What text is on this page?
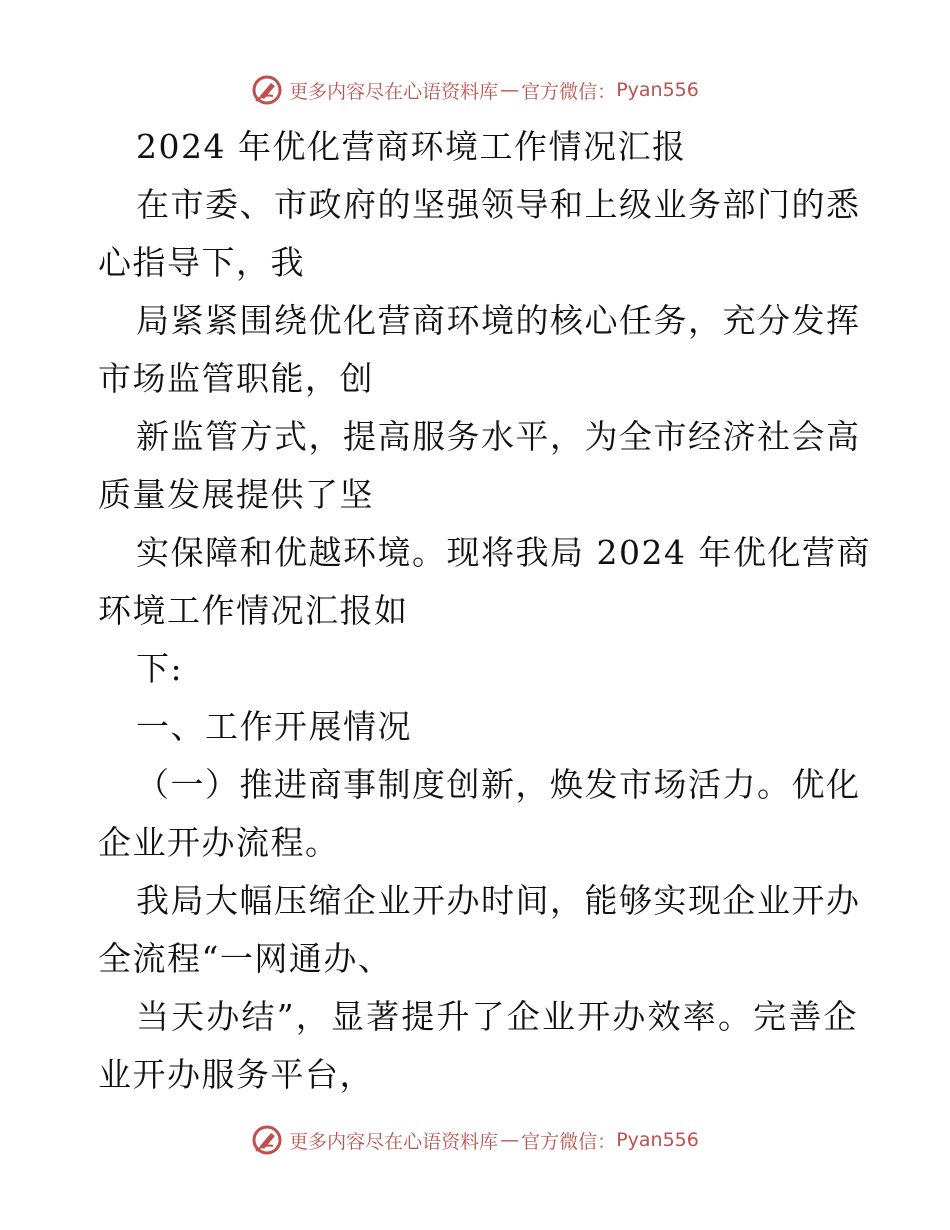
更多内容尽在心语资料库 — 官方微信： Pyan556
2024 年优化营商环境工作情况汇报
在市委、市政府的坚强领导和上级业务部门的悉
心指导下，我
局紧紧围绕优化营商环境的核心任务，充分发挥
市场监管职能，创
新监管方式，提高服务水平，为全市经济社会高
质量发展提供了坚
实保障和优越环境。现将我局 2024 年优化营商
环境工作情况汇报如
下:
一、工作开展情况
（一）推进商事制度创新，焕发市场活力。优化
企业开办流程。
我局大幅压缩企业开办时间，能够实现企业开办
全流程“一网通办、
当天办结”，显著提升了企业开办效率。完善企
业开办服务平台，
更多内容尽在心语资料库 — 官方微信： Pyan556
